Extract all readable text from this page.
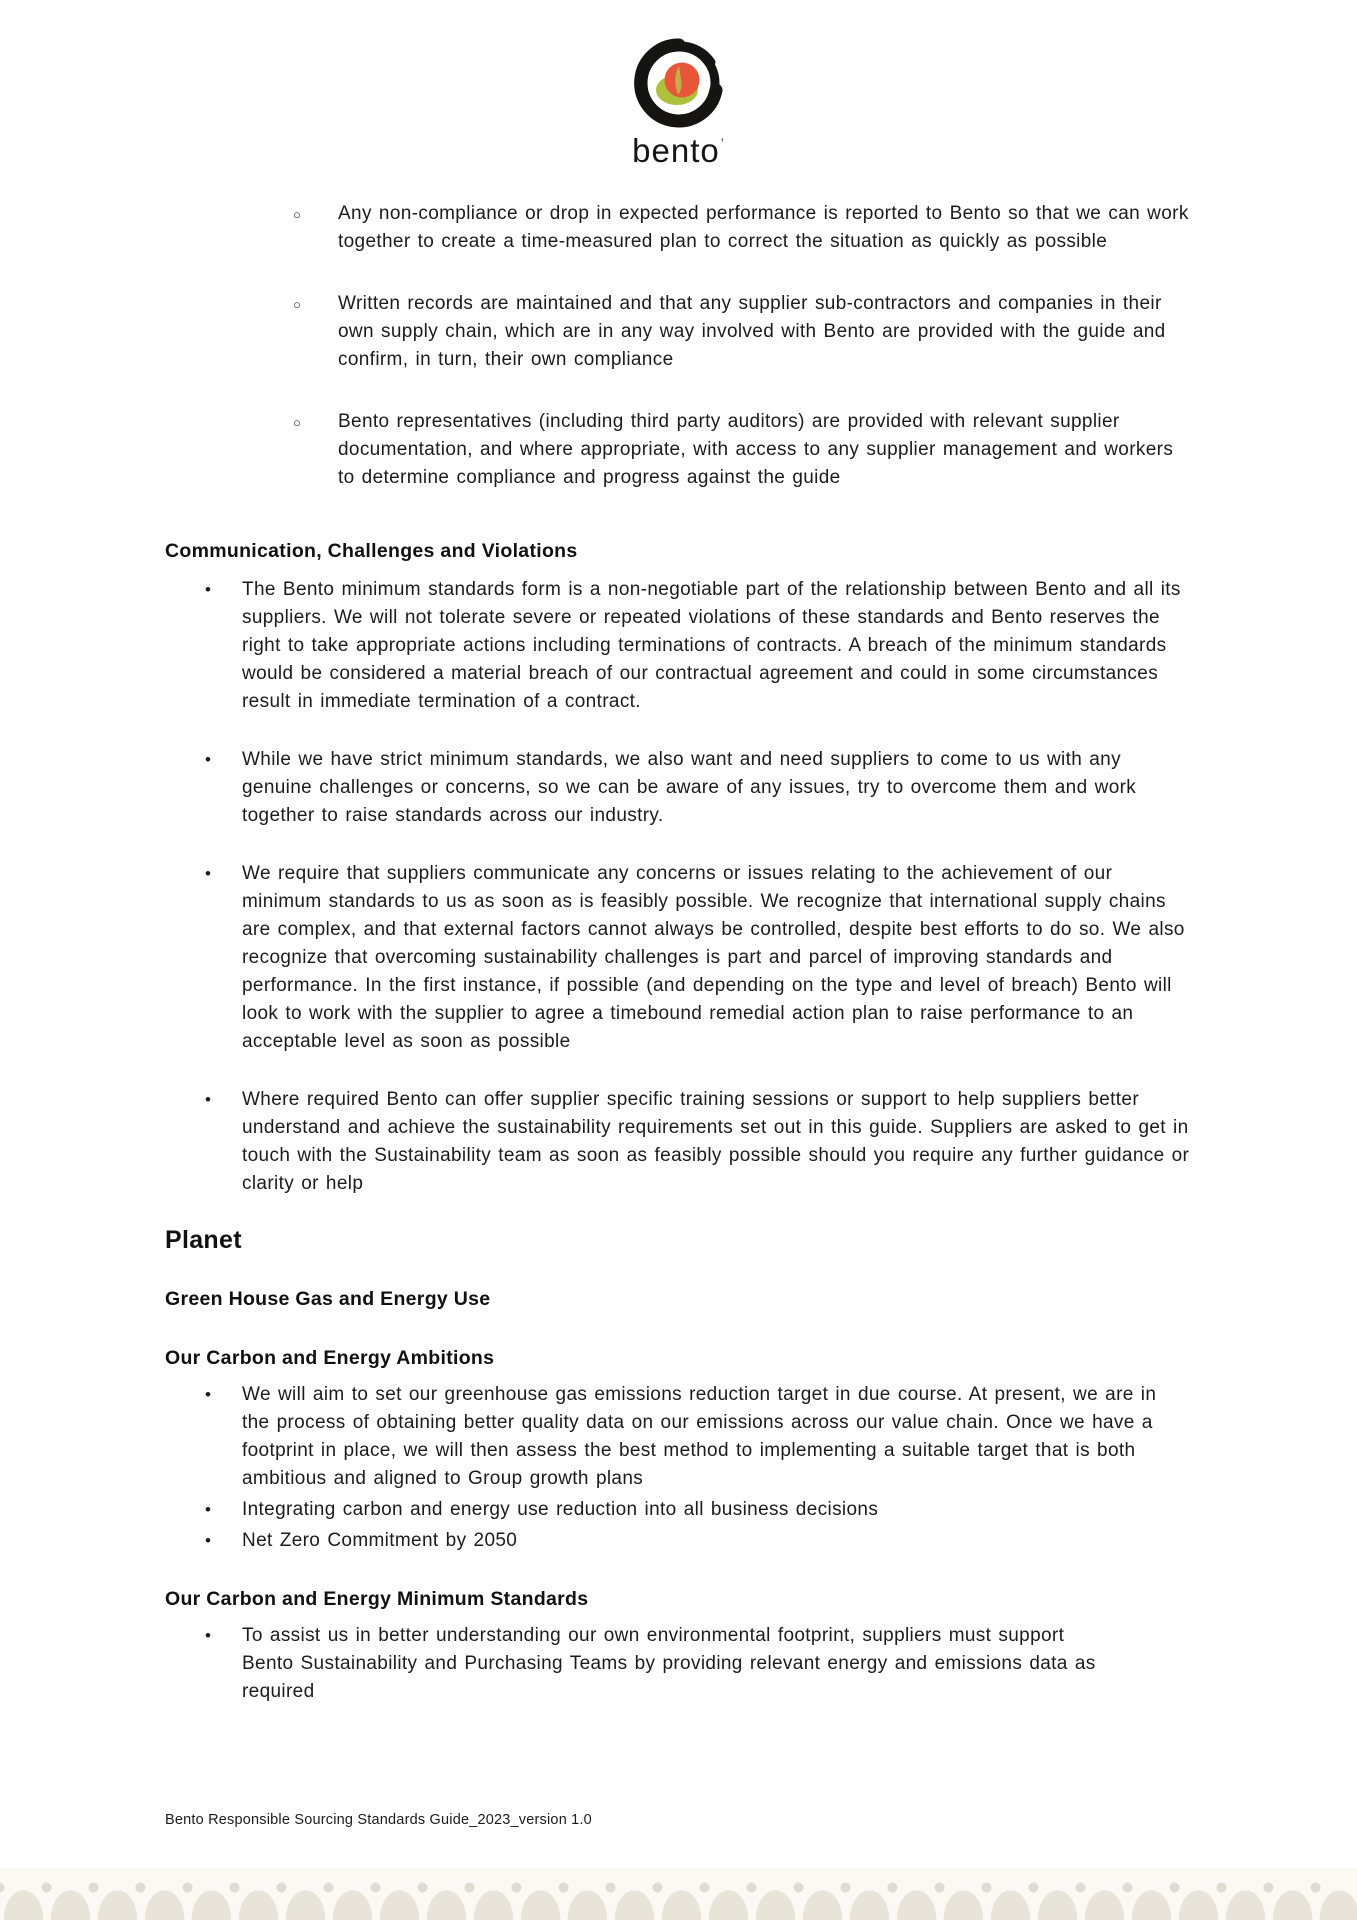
bento’
○	Any non-compliance or drop in expected performance is reported to Bento so that we can work together to create a time-measured plan to correct the situation as quickly as possible
○	Written records are maintained and that any supplier sub-contractors and companies in their own supply chain, which are in any way involved with Bento are provided with the guide and confirm, in turn, their own compliance
○	Bento representatives (including third party auditors) are provided with relevant supplier documentation, and where appropriate, with access to any supplier management and workers to determine compliance and progress against the guide
Communication, Challenges and Violations
•	The Bento minimum standards form is a non-negotiable part of the relationship between Bento and all its suppliers. We will not tolerate severe or repeated violations of these standards and Bento reserves the right to take appropriate actions including terminations of contracts. A breach of the minimum standards would be considered a material breach of our contractual agreement and could in some circumstances result in immediate termination of a contract.
•	While we have strict minimum standards, we also want and need suppliers to come to us with any genuine challenges or concerns, so we can be aware of any issues, try to overcome them and work together to raise standards across our industry.
•	We require that suppliers communicate any concerns or issues relating to the achievement of our minimum standards to us as soon as is feasibly possible. We recognize that international supply chains are complex, and that external factors cannot always be controlled, despite best efforts to do so. We also recognize that overcoming sustainability challenges is part and parcel of improving standards and performance. In the first instance, if possible (and depending on the type and level of breach) Bento will look to work with the supplier to agree a timebound remedial action plan to raise performance to an acceptable level as soon as possible
•	Where required Bento can offer supplier specific training sessions or support to help suppliers better understand and achieve the sustainability requirements set out in this guide. Suppliers are asked to get in touch with the Sustainability team as soon as feasibly possible should you require any further guidance or clarity or help
Planet
Green House Gas and Energy Use
Our Carbon and Energy Ambitions
•	We will aim to set our greenhouse gas emissions reduction target in due course. At present, we are in the process of obtaining better quality data on our emissions across our value chain. Once we have a footprint in place, we will then assess the best method to implementing a suitable target that is both ambitious and aligned to Group growth plans
•	Integrating carbon and energy use reduction into all business decisions
•	Net Zero Commitment by 2050
Our Carbon and Energy Minimum Standards
•	To assist us in better understanding our own environmental footprint, suppliers must support Bento Sustainability and Purchasing Teams by providing relevant energy and emissions data as required
Bento Responsible Sourcing Standards Guide_2023_version 1.0
